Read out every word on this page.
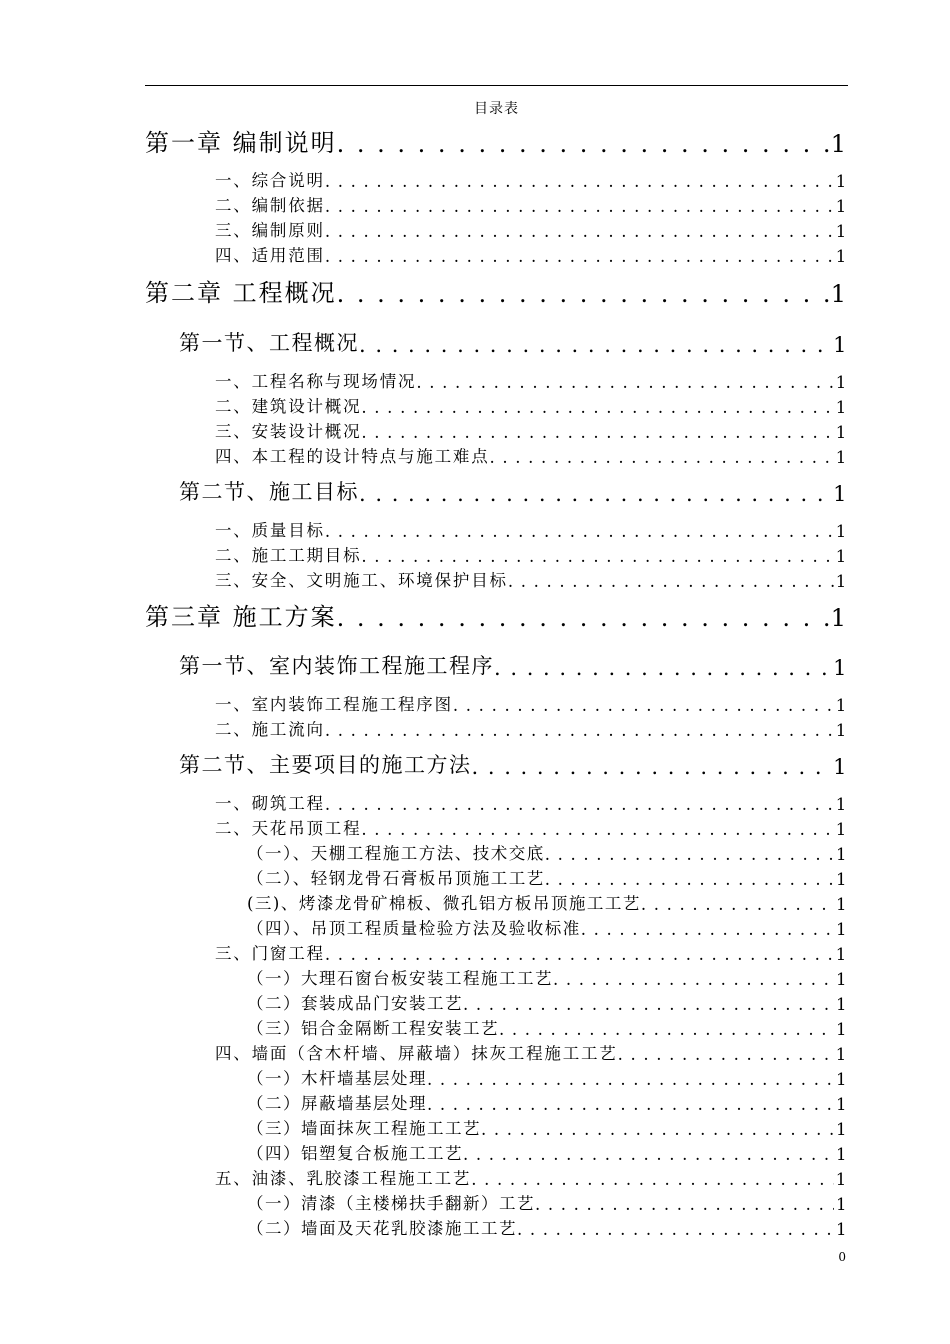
目录表
第一章 编制说明 . . .	1
一、综合说明 . . .	1
二、编制依据 . . .	1
三、编制原则 . . .	1
四、适用范围 . . .	1
第二章 工程概况 . . .	1
第一节、工程概况 . . .	1
一、工程名称与现场情况 . . .	1
二、建筑设计概况 . . .	1
三、安装设计概况 . . .	1
四、本工程的设计特点与施工难点 . . .	1
第二节、施工目标 . . .	1
一、质量目标 . . .	1
二、施工工期目标 . . .	1
三、安全、文明施工、环境保护目标 . . .	1
第三章 施工方案 . . .	1
第一节、室内装饰工程施工程序 . . .	1
一、室内装饰工程施工程序图 . . .	1
二、施工流向 . . .	1
第二节、主要项目的施工方法 . . .	1
一、砌筑工程 . . .	1
二、天花吊顶工程 . . .	1
（一）、天棚工程施工方法、技术交底 . . .	1
（二）、轻钢龙骨石膏板吊顶施工工艺 . . .	1
(三)、烤漆龙骨矿棉板、微孔铝方板吊顶施工工艺 . . .	1
（四）、吊顶工程质量检验方法及验收标准 . . .	1
三、门窗工程 . . .	1
（一）大理石窗台板安装工程施工工艺 . . .	1
（二）套装成品门安装工艺 . . .	1
（三）铝合金隔断工程安装工艺 . . .	1
四、墙面（含木杆墙、屏蔽墙）抹灰工程施工工艺 . . .	1
（一）木杆墙基层处理 . . .	1
（二）屏蔽墙基层处理 . . .	1
（三）墙面抹灰工程施工工艺 . . .	1
（四）铝塑复合板施工工艺 . . .	1
五、油漆、乳胶漆工程施工工艺 . . .	1
（一）清漆（主楼梯扶手翻新）工艺 . . .	1
（二）墙面及天花乳胶漆施工工艺 . . .	1
0
